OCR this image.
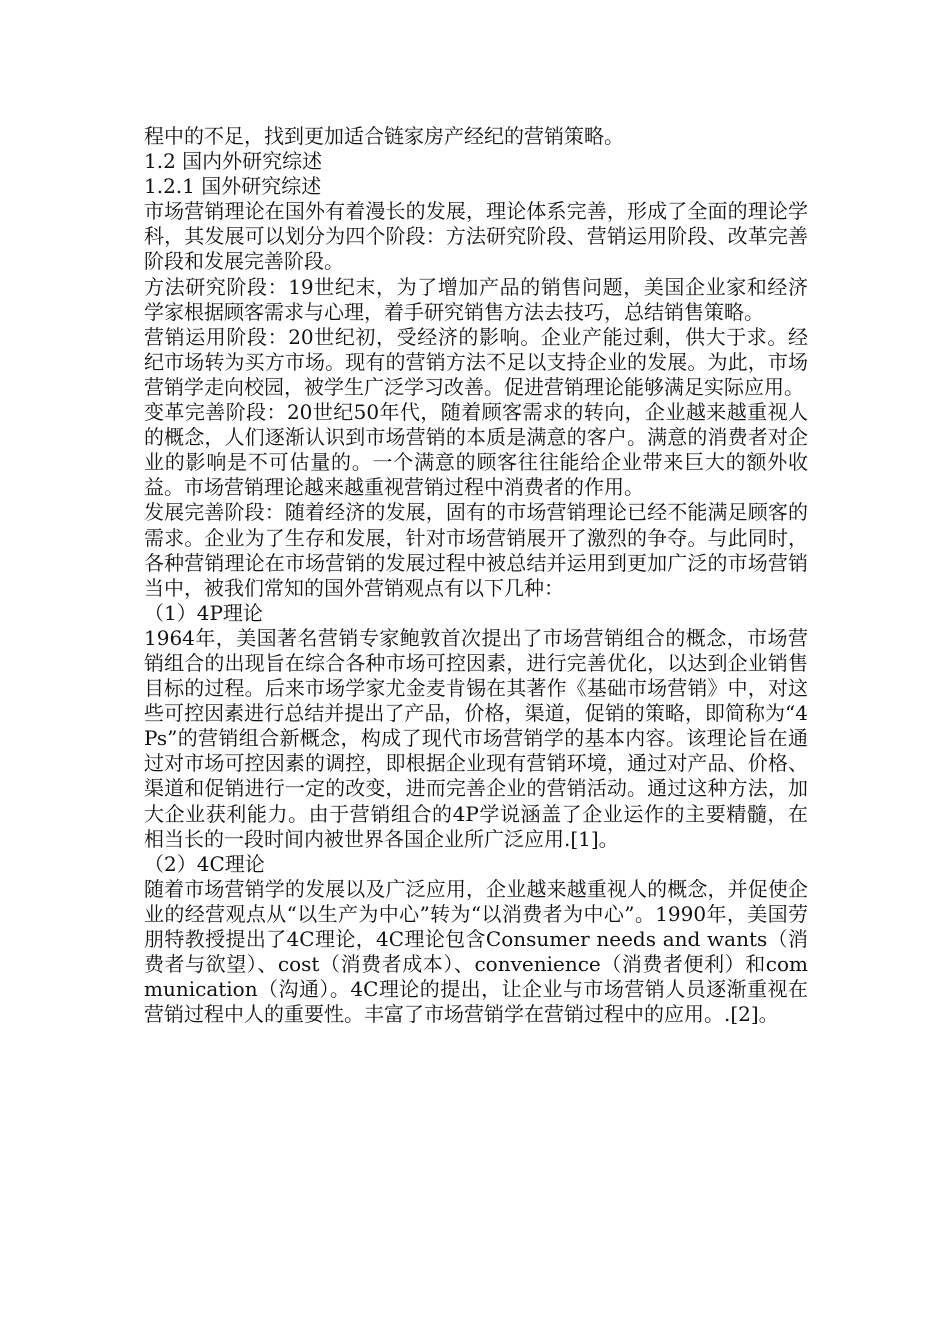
程中的不足，找到更加适合链家房产经纪的营销策略。

1.2 国内外研究综述

1.2.1 国外研究综述

市场营销理论在国外有着漫长的发展，理论体系完善，形成了全面的理论学科，其发展可以划分为四个阶段：方法研究阶段、营销运用阶段、改革完善阶段和发展完善阶段。

方法研究阶段：19世纪末，为了增加产品的销售问题，美国企业家和经济学家根据顾客需求与心理，着手研究销售方法去技巧，总结销售策略。

营销运用阶段：20世纪初，受经济的影响。企业产能过剩，供大于求。经纪市场转为买方市场。现有的营销方法不足以支持企业的发展。为此，市场营销学走向校园，被学生广泛学习改善。促进营销理论能够满足实际应用。

变革完善阶段：20世纪50年代，随着顾客需求的转向，企业越来越重视人的概念，人们逐渐认识到市场营销的本质是满意的客户。满意的消费者对企业的影响是不可估量的。一个满意的顾客往往能给企业带来巨大的额外收益。市场营销理论越来越重视营销过程中消费者的作用。

发展完善阶段：随着经济的发展，固有的市场营销理论已经不能满足顾客的需求。企业为了生存和发展，针对市场营销展开了激烈的争夺。与此同时，各种营销理论在市场营销的发展过程中被总结并运用到更加广泛的市场营销当中，被我们常知的国外营销观点有以下几种：

（1）4P理论

1964年，美国著名营销专家鲍敦首次提出了市场营销组合的概念，市场营销组合的出现旨在综合各种市场可控因素，进行完善优化，以达到企业销售目标的过程。后来市场学家尤金麦肯锡在其著作《基础市场营销》中，对这些可控因素进行总结并提出了产品，价格，渠道，促销的策略，即简称为“4Ps”的营销组合新概念，构成了现代市场营销学的基本内容。该理论旨在通过对市场可控因素的调控，即根据企业现有营销环境，通过对产品、价格、渠道和促销进行一定的改变，进而完善企业的营销活动。通过这种方法，加大企业获利能力。由于营销组合的4P学说涵盖了企业运作的主要精髓，在相当长的一段时间内被世界各国企业所广泛应用.[1]。

（2）4C理论

随着市场营销学的发展以及广泛应用，企业越来越重视人的概念，并促使企业的经营观点从“以生产为中心”转为“以消费者为中心”。1990年，美国劳朋特教授提出了4C理论，4C理论包含Consumer needs and wants（消费者与欲望）、cost（消费者成本）、convenience（消费者便利）和communication（沟通）。4C理论的提出，让企业与市场营销人员逐渐重视在营销过程中人的重要性。丰富了市场营销学在营销过程中的应用。.[2]。
